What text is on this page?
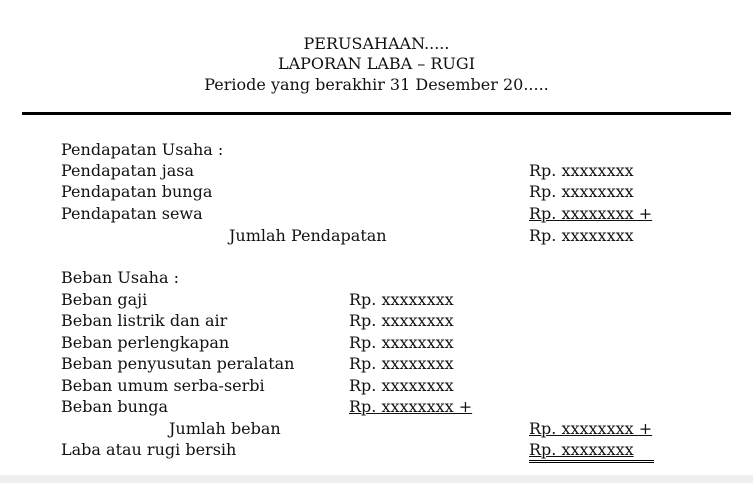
PERUSAHAAN.....
LAPORAN LABA – RUGI
Periode yang berakhir 31 Desember 20.....
Pendapatan Usaha :
Pendapatan jasa	Rp. xxxxxxxx
Pendapatan bunga	Rp. xxxxxxxx
Pendapatan sewa	Rp. xxxxxxxx +
Jumlah Pendapatan	Rp. xxxxxxxx
Beban Usaha :
Beban gaji	Rp. xxxxxxxx
Beban listrik dan air	Rp. xxxxxxxx
Beban perlengkapan	Rp. xxxxxxxx
Beban penyusutan peralatan	Rp. xxxxxxxx
Beban umum serba-serbi	Rp. xxxxxxxx
Beban bunga	Rp. xxxxxxxx +
Jumlah beban	Rp. xxxxxxxx +
Laba atau rugi bersih	Rp. xxxxxxxx
